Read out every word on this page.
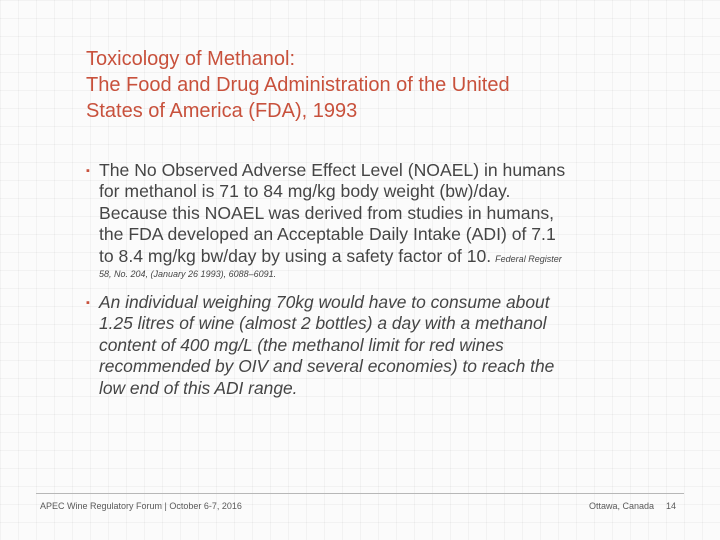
Toxicology of Methanol:
The Food and Drug Administration of the United
States of America (FDA), 1993
▪ The No Observed Adverse Effect Level (NOAEL) in humans
for methanol is 71 to 84 mg/kg body weight (bw)/day.
Because this NOAEL was derived from studies in humans,
the FDA developed an Acceptable Daily Intake (ADI) of 7.1
to 8.4 mg/kg bw/day by using a safety factor of 10. Federal Register
58, No. 204, (January 26 1993), 6088–6091.
▪ An individual weighing 70kg would have to consume about
1.25 litres of wine (almost 2 bottles) a day with a methanol
content of 400 mg/L (the methanol limit for red wines
recommended by OIV and several economies) to reach the
low end of this ADI range.
APEC Wine Regulatory Forum | October 6-7, 2016	Ottawa, Canada 14
